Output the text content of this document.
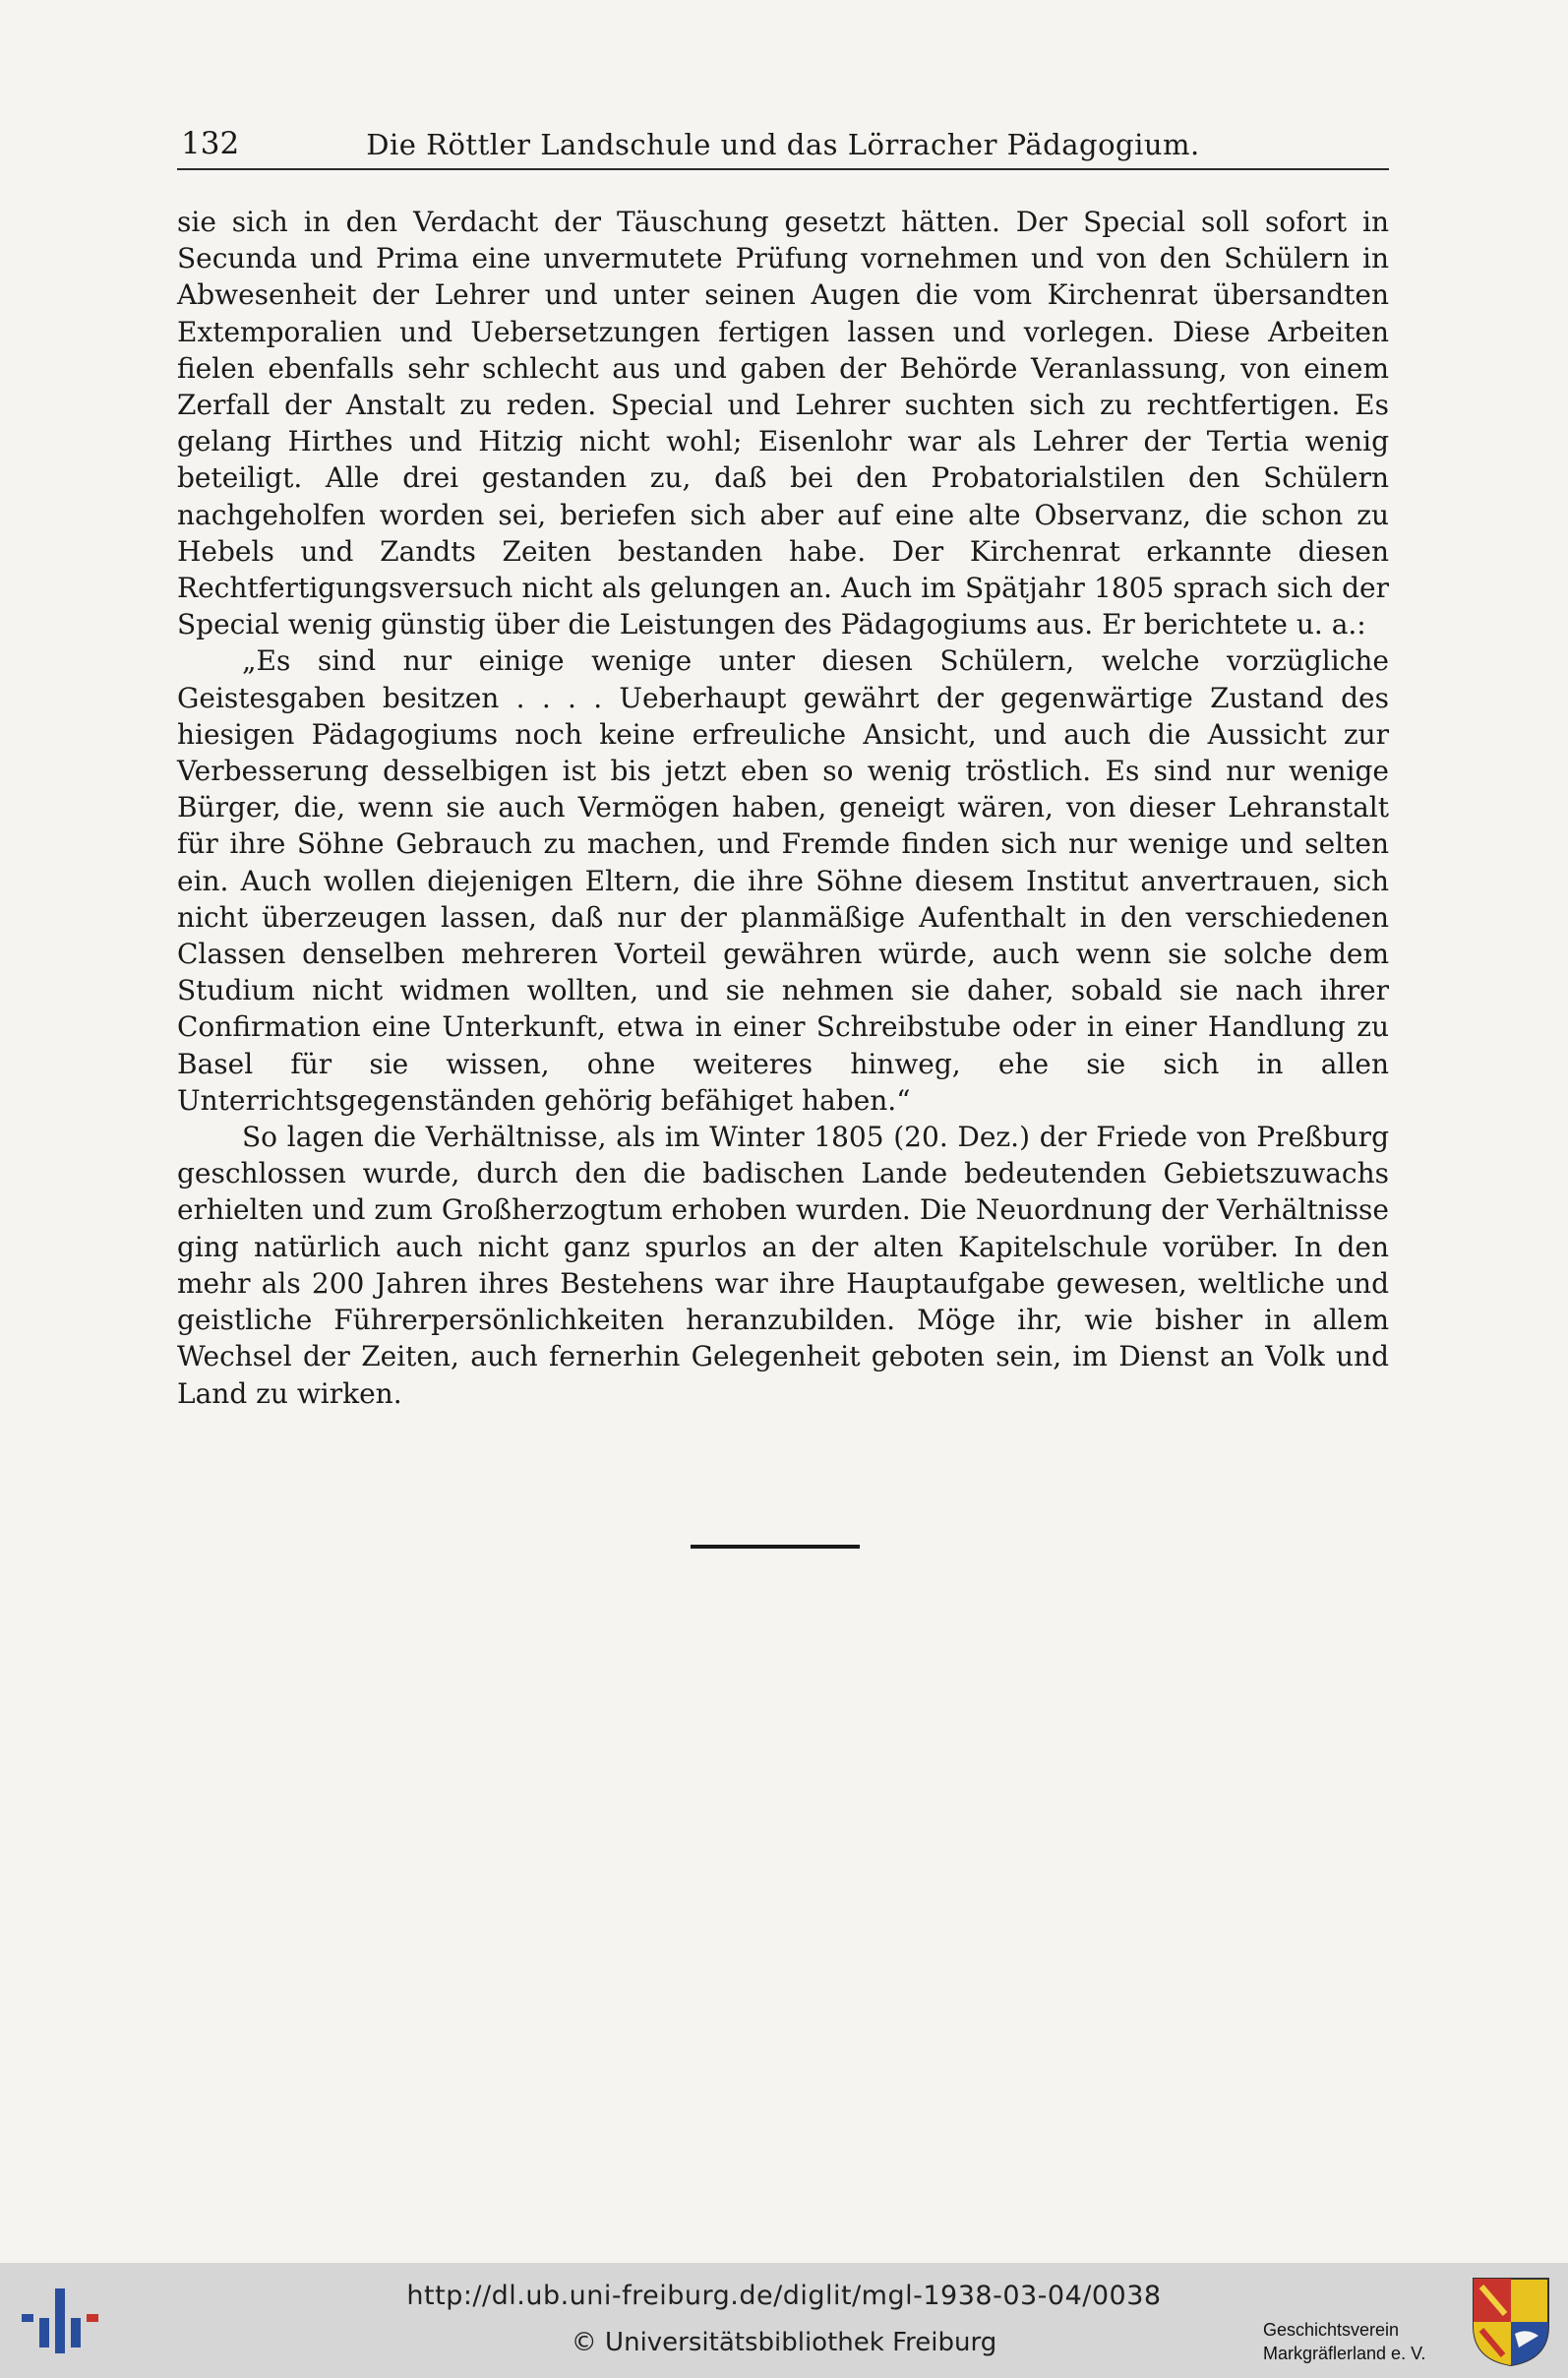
132	Die Röttler Landschule und das Lörracher Pädagogium.

sie sich in den Verdacht der Täuschung gesetzt hätten. Der Special soll sofort in Secunda und Prima eine unvermutete Prüfung vornehmen und von den Schülern in Abwesenheit der Lehrer und unter seinen Augen die vom Kirchenrat übersandten Extemporalien und Uebersetzungen fertigen lassen und vorlegen. Diese Arbeiten fielen ebenfalls sehr schlecht aus und gaben der Behörde Veranlassung, von einem Zerfall der Anstalt zu reden. Special und Lehrer suchten sich zu rechtfertigen. Es gelang Hirthes und Hitzig nicht wohl; Eisenlohr war als Lehrer der Tertia wenig beteiligt. Alle drei gestanden zu, daß bei den Probatorialstilen den Schülern nachgeholfen worden sei, beriefen sich aber auf eine alte Observanz, die schon zu Hebels und Zandts Zeiten bestanden habe. Der Kirchenrat erkannte diesen Rechtfertigungsversuch nicht als gelungen an. Auch im Spätjahr 1805 sprach sich der Special wenig günstig über die Leistungen des Pädagogiums aus. Er berichtete u. a.:

„Es sind nur einige wenige unter diesen Schülern, welche vorzügliche Geistesgaben besitzen . . . . Ueberhaupt gewährt der gegenwärtige Zustand des hiesigen Pädagogiums noch keine erfreuliche Ansicht, und auch die Aussicht zur Verbesserung desselbigen ist bis jetzt eben so wenig tröstlich. Es sind nur wenige Bürger, die, wenn sie auch Vermögen haben, geneigt wären, von dieser Lehranstalt für ihre Söhne Gebrauch zu machen, und Fremde finden sich nur wenige und selten ein. Auch wollen diejenigen Eltern, die ihre Söhne diesem Institut anvertrauen, sich nicht überzeugen lassen, daß nur der planmäßige Aufenthalt in den verschiedenen Classen denselben mehreren Vorteil gewähren würde, auch wenn sie solche dem Studium nicht widmen wollten, und sie nehmen sie daher, sobald sie nach ihrer Confirmation eine Unterkunft, etwa in einer Schreibstube oder in einer Handlung zu Basel für sie wissen, ohne weiteres hinweg, ehe sie sich in allen Unterrichtsgegenständen gehörig befähiget haben.“

So lagen die Verhältnisse, als im Winter 1805 (20. Dez.) der Friede von Preßburg geschlossen wurde, durch den die badischen Lande bedeutenden Gebietszuwachs erhielten und zum Großherzogtum erhoben wurden. Die Neuordnung der Verhältnisse ging natürlich auch nicht ganz spurlos an der alten Kapitelschule vorüber. In den mehr als 200 Jahren ihres Bestehens war ihre Hauptaufgabe gewesen, weltliche und geistliche Führerpersönlichkeiten heranzubilden. Möge ihr, wie bisher in allem Wechsel der Zeiten, auch fernerhin Gelegenheit geboten sein, im Dienst an Volk und Land zu wirken.

http://dl.ub.uni-freiburg.de/diglit/mgl-1938-03-04/0038
© Universitätsbibliothek Freiburg	Geschichtsverein
Markgräflerland e. V.
